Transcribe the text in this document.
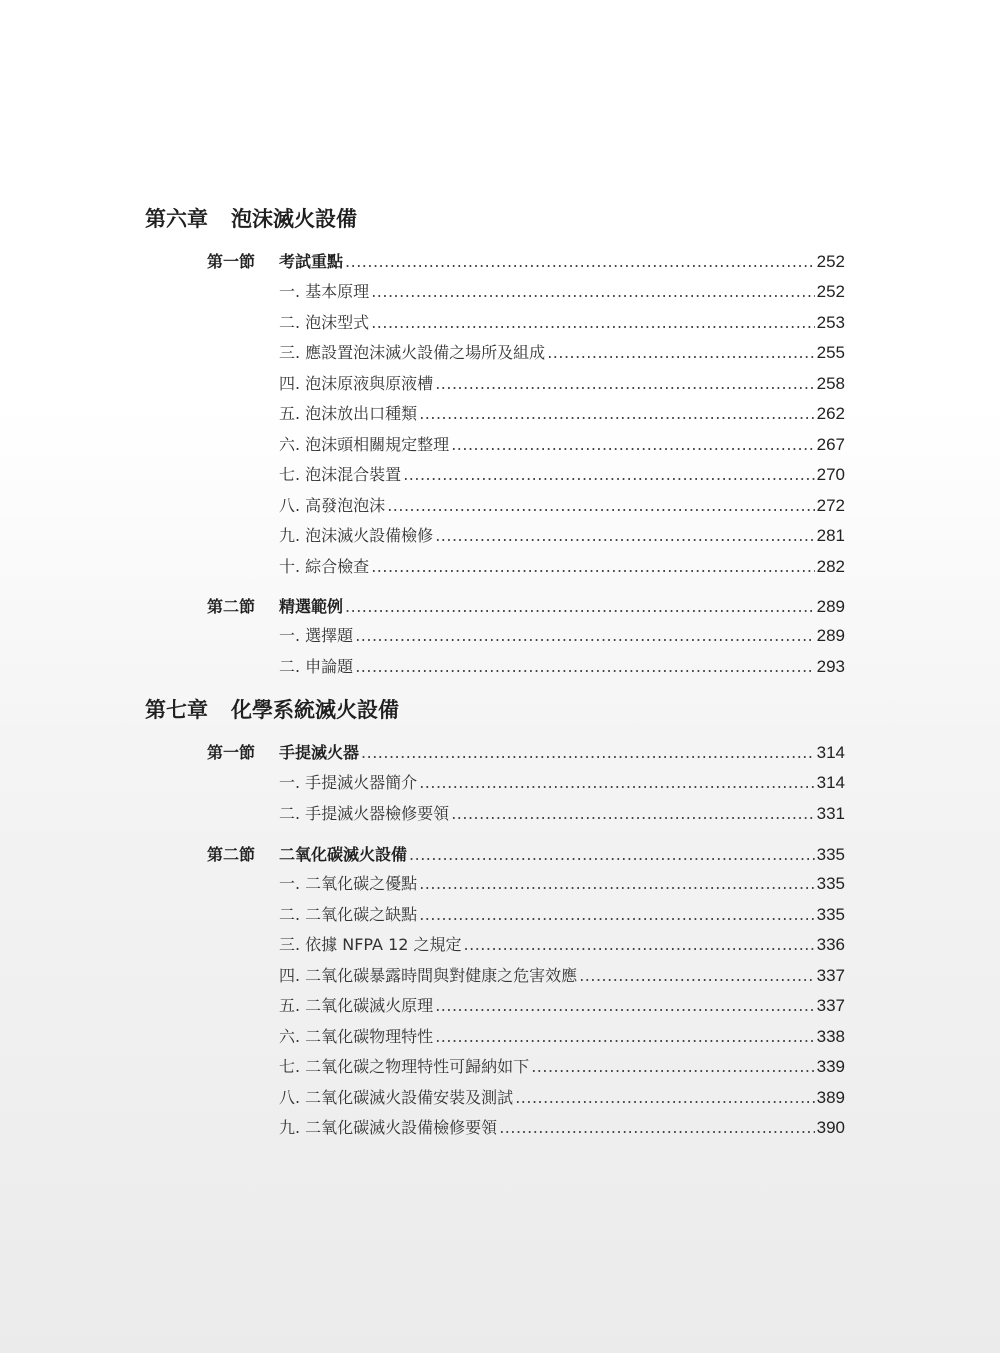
第六章 泡沫滅火設備
第一節	考試重點 .....	252
一. 基本原理 .....	252
二. 泡沫型式 .....	253
三. 應設置泡沫滅火設備之場所及組成 .....	255
四. 泡沫原液與原液槽 .....	258
五. 泡沫放出口種類 .....	262
六. 泡沫頭相關規定整理 .....	267
七. 泡沫混合裝置 .....	270
八. 高發泡泡沫 .....	272
九. 泡沫滅火設備檢修 .....	281
十. 綜合檢查 .....	282
第二節	精選範例 .....	289
一. 選擇題 .....	289
二. 申論題 .....	293
第七章 化學系統滅火設備
第一節	手提滅火器 .....	314
一. 手提滅火器簡介 .....	314
二. 手提滅火器檢修要領 .....	331
第二節	二氧化碳滅火設備 .....	335
一. 二氧化碳之優點 .....	335
二. 二氧化碳之缺點 .....	335
三. 依據 NFPA 12 之規定 .....	336
四. 二氧化碳暴露時間與對健康之危害效應 .....	337
五. 二氧化碳滅火原理 .....	337
六. 二氧化碳物理特性 .....	338
七. 二氧化碳之物理特性可歸納如下 .....	339
八. 二氧化碳滅火設備安裝及測試 .....	389
九. 二氧化碳滅火設備檢修要領 .....	390
